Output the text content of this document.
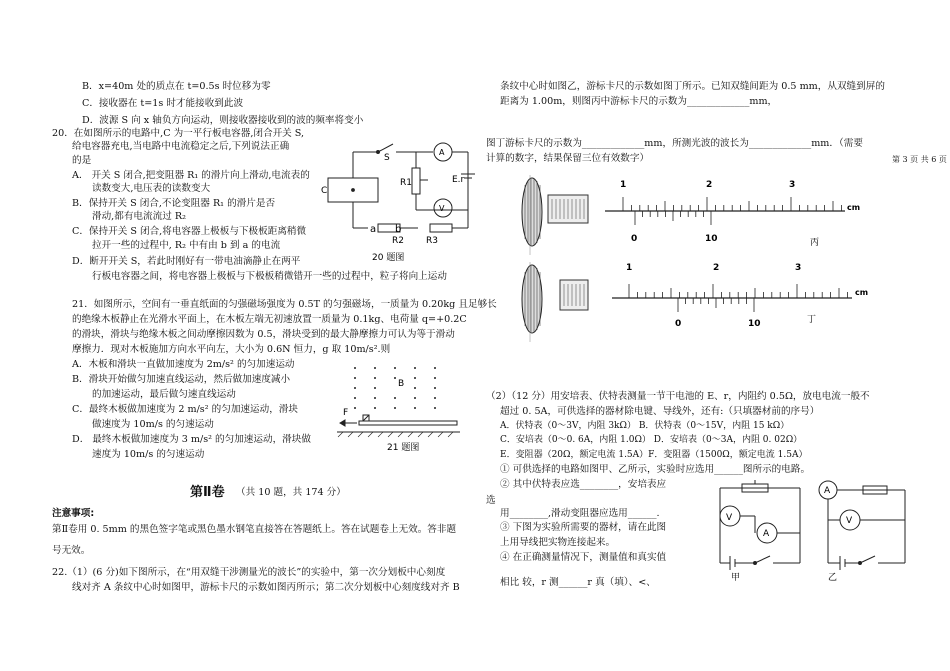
B．x=40m 处的质点在 t=0.5s 时位移为零
C．接收器在 t=1s 时才能接收到此波
D．波源 S 向 x 轴负方向运动，则接收器接收到的波的频率将变小
20．在如图所示的电路中,C 为一平行板电容器,闭合开关 S,
给电容器充电,当电路中电流稳定之后,下列说法正确
的是
A． 开关 S 闭合,把变阻器 R₁ 的滑片向上滑动,电流表的
读数变大,电压表的读数变大
B．保持开关 S 闭合,不论变阻器 R₁ 的滑片是否
滑动,都有电流流过 R₂
C．保持开关 S 闭合,将电容器上极板与下极板距离稍微
拉开一些的过程中, R₂ 中有由 b 到 a 的电流
D．断开开关 S，若此时刚好有一带电油滴静止在两平
行板电容器之间，将电容器上极板与下极板稍微错开一些的过程中，粒子将向上运动
S
A
C
R1	E.r
V
a b
R2 R3
20 题图
21．如图所示，空间有一垂直纸面的匀强磁场强度为 0.5T 的匀强磁场，一质量为 0.20kg 且足够长
的绝缘木板静止在光滑水平面上，在木板左端无初速放置一质量为 0.1kg、电荷量 q=+0.2C
的滑块，滑块与绝缘木板之间动摩擦因数为 0.5，滑块受到的最大静摩擦力可认为等于滑动
摩擦力．现对木板施加方向水平向左，大小为 0.6N 恒力，g 取 10m/s².则
A．木板和滑块一直做加速度为 2m/s² 的匀加速运动
B．滑块开始做匀加速直线运动，然后做加速度减小
的加速运动，最后做匀速直线运动
C．最终木板做加速度为 2 m/s² 的匀加速运动，滑块
做速度为 10m/s 的匀速运动
D． 最终木板做加速度为 3 m/s² 的匀加速运动，滑块做
速度为 10m/s 的匀速运动
B
F
21 题图
第Ⅱ卷 （共 10 题，共 174 分）
注意事项:
第Ⅱ卷用 0. 5mm 的黑色签字笔或黑色墨水钢笔直接答在答题纸上。答在试题卷上无效。答非题
号无效。
22.（1）(6 分)如下图所示，在“用双缝干涉测量光的波长”的实验中，第一次分划板中心刻度
线对齐 A 条纹中心时如图甲，游标卡尺的示数如图丙所示；第二次分划板中心刻度线对齐 B
条纹中心时如图乙，游标卡尺的示数如图丁所示。已知双缝间距为 0.5 mm，从双缝到屏的
距离为 1.00m，则图丙中游标卡尺的示数为_____________mm，
图丁游标卡尺的示数为_____________mm，所测光波的波长为_____________mm．（需要
计算的数字，结果保留三位有效数字）	第 3 页 共 6 页
1	2	3
cm
0	10	丙
1	2	3
cm
0	10	丁
（2）（12 分）用安培表、伏特表测量一节干电池的 E、r，内阻约 0.5Ω，放电电流一般不
超过 0. 5A，可供选择的器材除电键、导线外，还有:（只填器材前的序号）
A．伏特表（0～3V，内阻 3kΩ） B．伏特表（0～15V，内阻 15 kΩ）
C．安培表（0～0. 6A，内阻 1.0Ω） D．安培表（0～3A，内阻 0. 02Ω）
E．变阻器（20Ω，额定电流 1.5A）F．变阻器（1500Ω，额定电流 1.5A）
① 可供选择的电路如图甲、乙所示，实验时应选用______图所示的电路。
② 其中伏特表应选________，安培表应
选
用________,滑动变阻器应选用______.
③ 下图为实验所需要的器材，请在此图
上用导线把实物连接起来。
④ 在正确测量情况下，测量值和真实值
相比 较，r 测______r 真（填）、<、
V
A
甲
A
V
乙
